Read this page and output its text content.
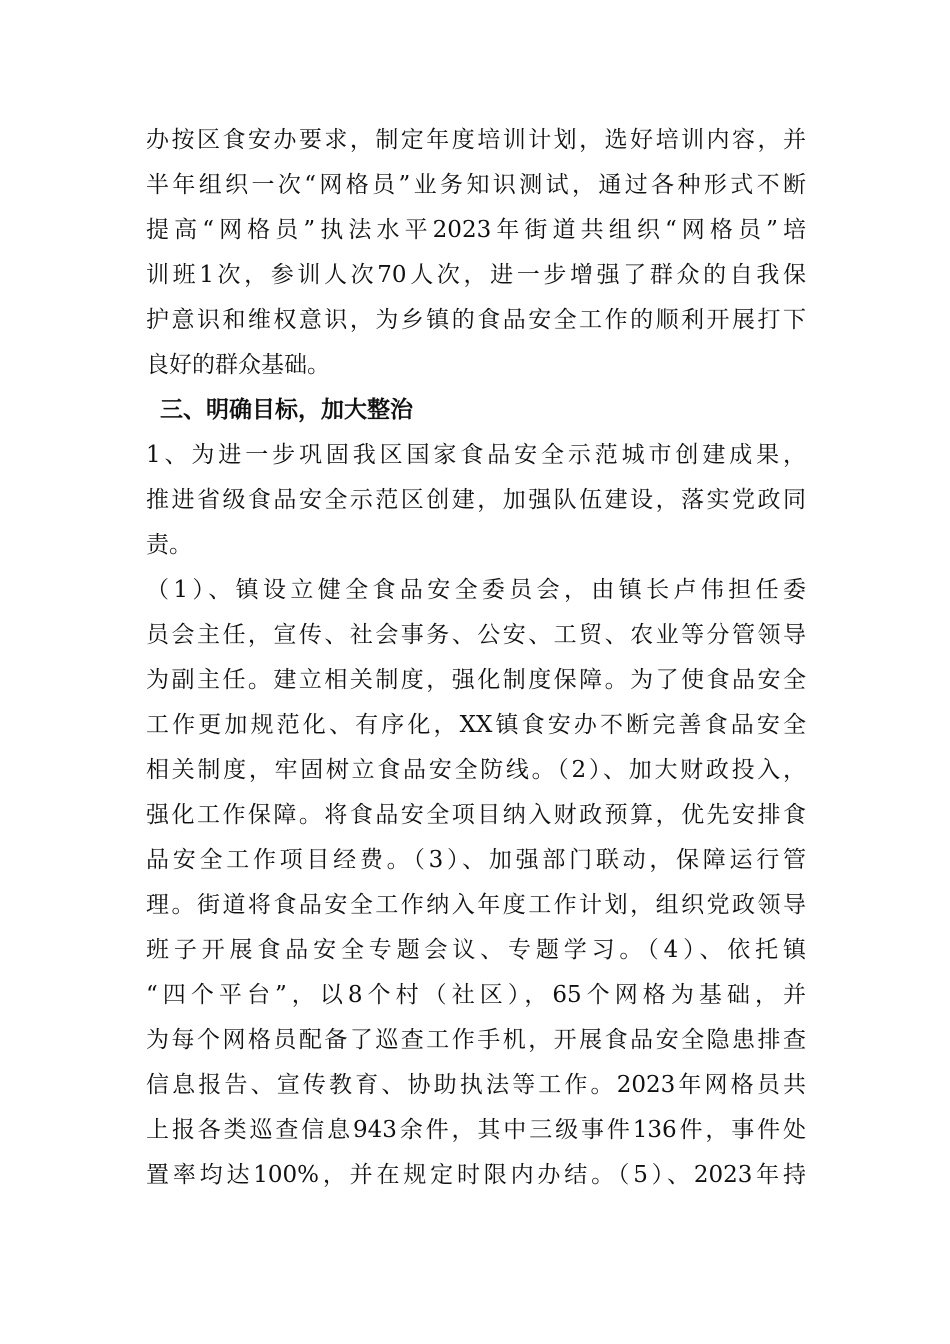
办按区食安办要求，制定年度培训计划，选好培训内容，并
半年组织一次“网格员”业务知识测试，通过各种形式不断
提高“网格员”执法水平2023年街道共组织“网格员”培
训班1次，参训人次70人次，进一步增强了群众的自我保
护意识和维权意识，为乡镇的食品安全工作的顺利开展打下
良好的群众基础。
三、明确目标，加大整治
1、为进一步巩固我区国家食品安全示范城市创建成果，
推进省级食品安全示范区创建，加强队伍建设，落实党政同
责。
（1）、镇设立健全食品安全委员会，由镇长卢伟担任委
员会主任，宣传、社会事务、公安、工贸、农业等分管领导
为副主任。建立相关制度，强化制度保障。为了使食品安全
工作更加规范化、有序化，XX镇食安办不断完善食品安全
相关制度，牢固树立食品安全防线。（2）、加大财政投入，
强化工作保障。将食品安全项目纳入财政预算，优先安排食
品安全工作项目经费。（3）、加强部门联动，保障运行管
理。街道将食品安全工作纳入年度工作计划，组织党政领导
班子开展食品安全专题会议、专题学习。（4）、依托镇
“四个平台”，以8个村（社区），65个网格为基础，并
为每个网格员配备了巡查工作手机，开展食品安全隐患排查
信息报告、宣传教育、协助执法等工作。2023年网格员共
上报各类巡查信息943余件，其中三级事件136件，事件处
置率均达100%，并在规定时限内办结。（5）、2023年持
